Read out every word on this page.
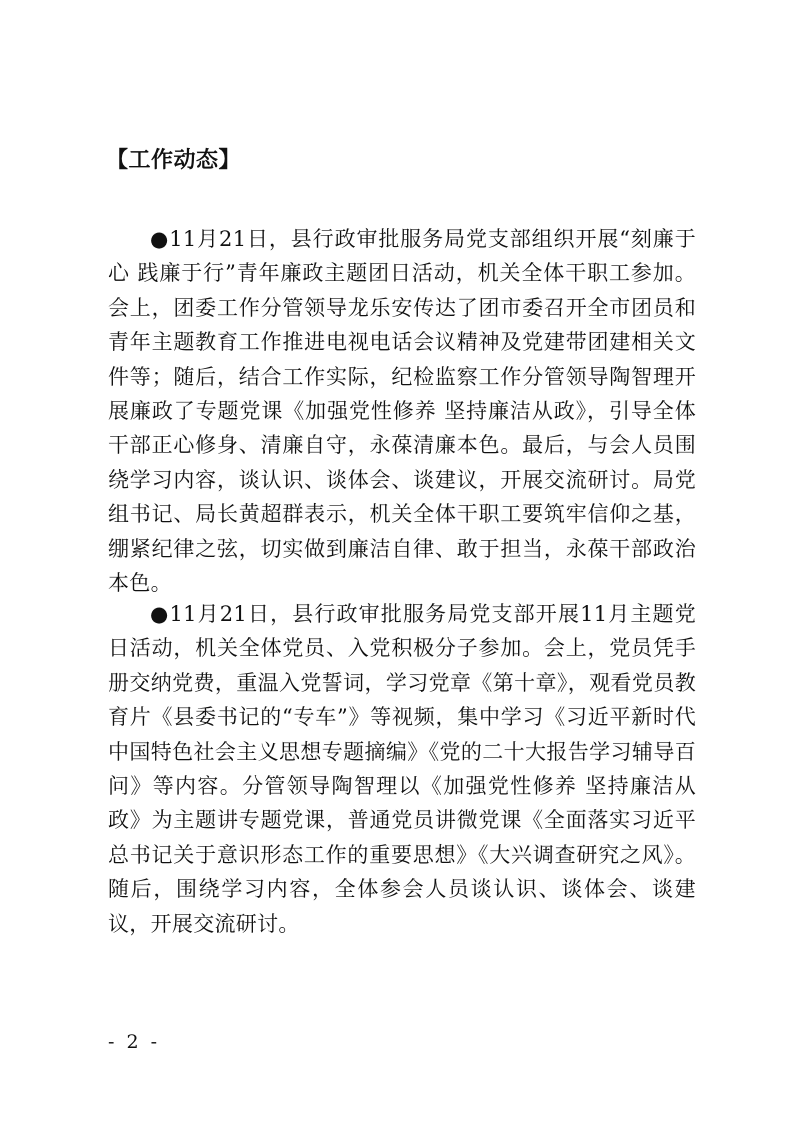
【工作动态】

●11月21日，县行政审批服务局党支部组织开展“刻廉于心 践廉于行”青年廉政主题团日活动，机关全体干职工参加。会上，团委工作分管领导龙乐安传达了团市委召开全市团员和青年主题教育工作推进电视电话会议精神及党建带团建相关文件等；随后，结合工作实际，纪检监察工作分管领导陶智理开展廉政了专题党课《加强党性修养 坚持廉洁从政》，引导全体干部正心修身、清廉自守，永葆清廉本色。最后，与会人员围绕学习内容，谈认识、谈体会、谈建议，开展交流研讨。局党组书记、局长黄超群表示，机关全体干职工要筑牢信仰之基，绷紧纪律之弦，切实做到廉洁自律、敢于担当，永葆干部政治本色。

●11月21日，县行政审批服务局党支部开展11月主题党日活动，机关全体党员、入党积极分子参加。会上，党员凭手册交纳党费，重温入党誓词，学习党章《第十章》，观看党员教育片《县委书记的“专车”》等视频，集中学习《习近平新时代中国特色社会主义思想专题摘编》《党的二十大报告学习辅导百问》等内容。分管领导陶智理以《加强党性修养 坚持廉洁从政》为主题讲专题党课，普通党员讲微党课《全面落实习近平总书记关于意识形态工作的重要思想》《大兴调查研究之风》。随后，围绕学习内容，全体参会人员谈认识、谈体会、谈建议，开展交流研讨。

- 2 -
